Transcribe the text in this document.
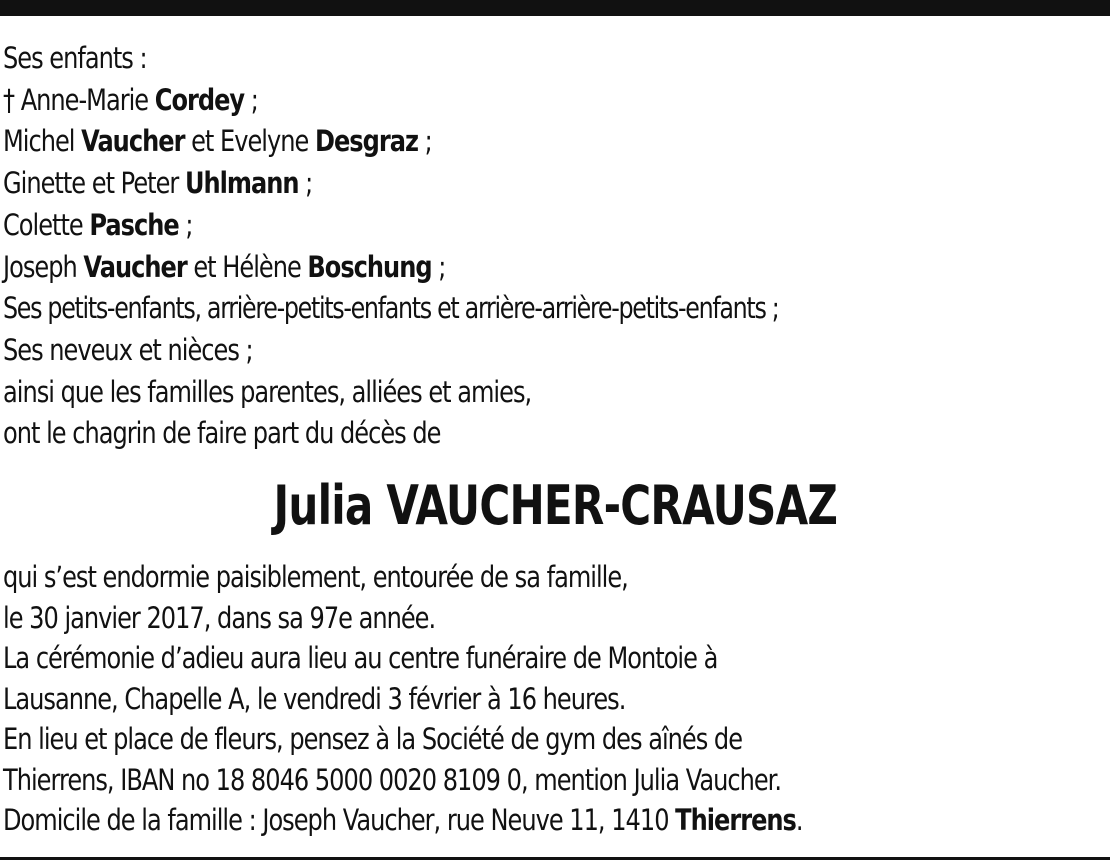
Ses enfants :
† Anne-Marie Cordey ;
Michel Vaucher et Evelyne Desgraz ;
Ginette et Peter Uhlmann ;
Colette Pasche ;
Joseph Vaucher et Hélène Boschung ;
Ses petits-enfants, arrière-petits-enfants et arrière-arrière-petits-enfants ;
Ses neveux et nièces ;
ainsi que les familles parentes, alliées et amies,
ont le chagrin de faire part du décès de
Julia VAUCHER-CRAUSAZ
qui s’est endormie paisiblement, entourée de sa famille,
le 30 janvier 2017, dans sa 97e année.
La cérémonie d’adieu aura lieu au centre funéraire de Montoie à
Lausanne, Chapelle A, le vendredi 3 février à 16 heures.
En lieu et place de fleurs, pensez à la Société de gym des aînés de
Thierrens, IBAN no 18 8046 5000 0020 8109 0, mention Julia Vaucher.
Domicile de la famille : Joseph Vaucher, rue Neuve 11, 1410 Thierrens.
